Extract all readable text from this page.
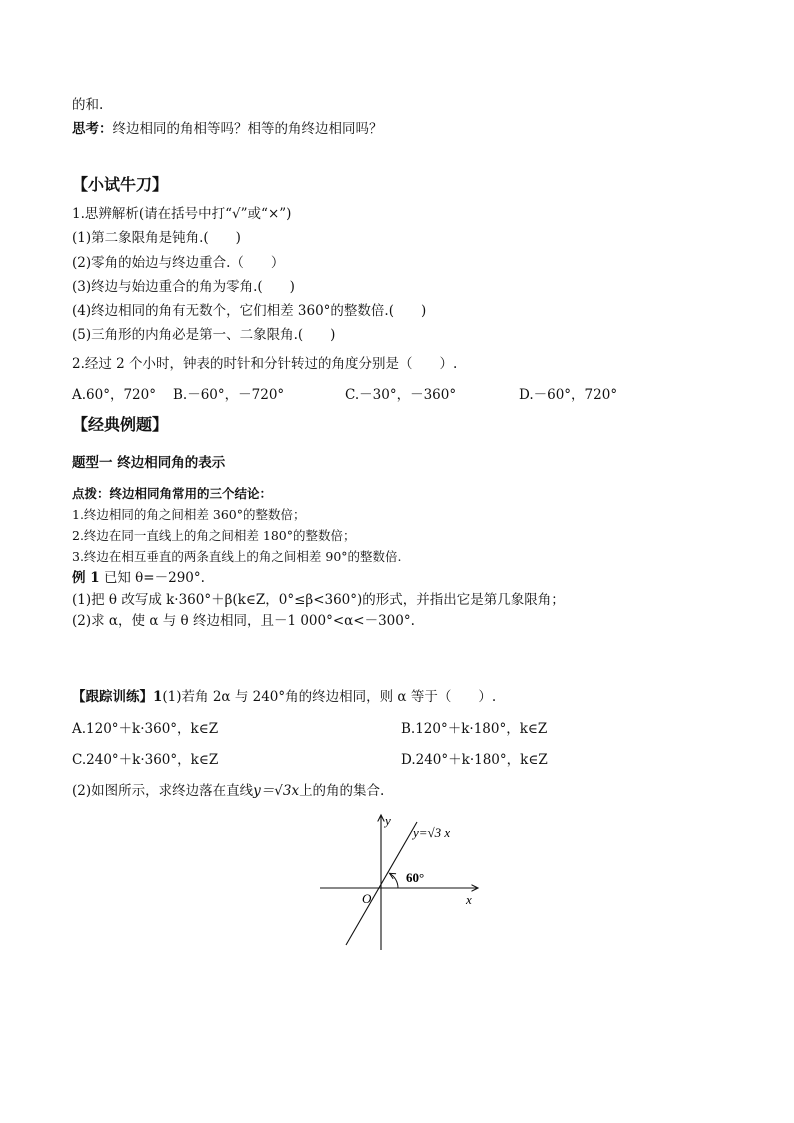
的和.
思考：终边相同的角相等吗？相等的角终边相同吗？
【小试牛刀】
1.思辨解析(请在括号中打“√”或“×”)
(1)第二象限角是钝角.(　　)
(2)零角的始边与终边重合.（　　）
(3)终边与始边重合的角为零角.(　　)
(4)终边相同的角有无数个，它们相差 360°的整数倍.(　　)
(5)三角形的内角必是第一、二象限角.(　　)
2.经过 2 个小时，钟表的时针和分针转过的角度分别是（　　）.
A.60°，720° B.－60°，－720°	C.－30°，－360°	D.－60°，720°
【经典例题】
题型一 终边相同角的表示
点拨：终边相同角常用的三个结论：
1.终边相同的角之间相差 360°的整数倍；
2.终边在同一直线上的角之间相差 180°的整数倍；
3.终边在相互垂直的两条直线上的角之间相差 90°的整数倍.
例 1 已知 θ=－290°.
(1)把 θ 改写成 k·360°＋β(k∈Z，0°≤β<360°)的形式，并指出它是第几象限角；
(2)求 α，使 α 与 θ 终边相同，且－1 000°<α<－300°.
【跟踪训练】1(1)若角 2α 与 240°角的终边相同，则 α 等于（　　）.
A.120°＋k·360°，k∈Z	B.120°＋k·180°，k∈Z
C.240°＋k·360°，k∈Z	D.240°＋k·180°，k∈Z
(2)如图所示，求终边落在直线y＝√3x上的角的集合.
y
x
O
y=√3 x
60°
